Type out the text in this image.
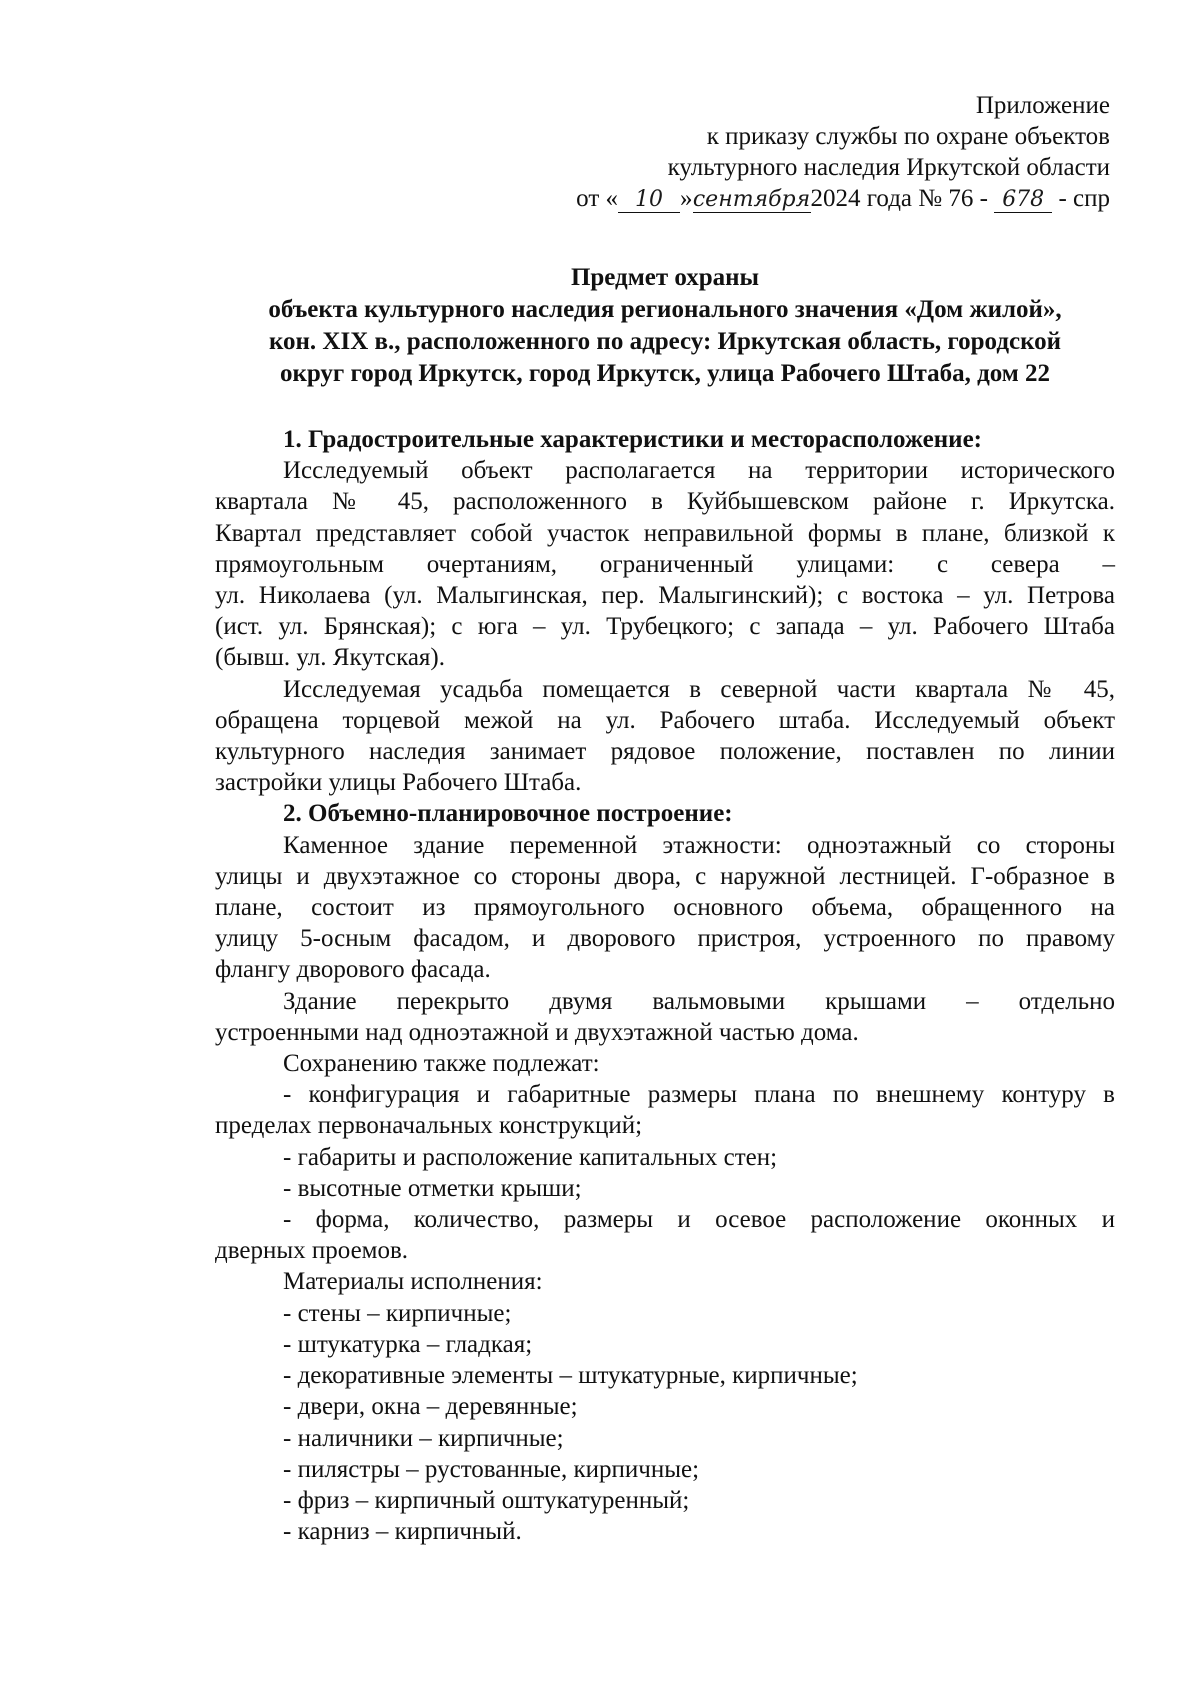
Приложение
к приказу службы по охране объектов
культурного наследия Иркутской области
от « 10 »сентября2024 года № 76 - 678 - спр
Предмет охраны
объекта культурного наследия регионального значения «Дом жилой»,
кон. XIX в., расположенного по адресу: Иркутская область, городской
округ город Иркутск, город Иркутск, улица Рабочего Штаба, дом 22

1. Градостроительные характеристики и месторасположение:

Исследуемый объект располагается на территории исторического

квартала № 45, расположенного в Куйбышевском районе г. Иркутска.

Квартал представляет собой участок неправильной формы в плане, близкой к

прямоугольным очертаниям, ограниченный улицами: с севера –

ул. Николаева (ул. Малыгинская, пер. Малыгинский); с востока – ул. Петрова

(ист. ул. Брянская); с юга – ул. Трубецкого; с запада – ул. Рабочего Штаба

(бывш. ул. Якутская).

Исследуемая усадьба помещается в северной части квартала № 45,

обращена торцевой межой на ул. Рабочего штаба. Исследуемый объект

культурного наследия занимает рядовое положение, поставлен по линии

застройки улицы Рабочего Штаба.

2. Объемно-планировочное построение:

Каменное здание переменной этажности: одноэтажный со стороны

улицы и двухэтажное со стороны двора, с наружной лестницей. Г-образное в

плане, состоит из прямоугольного основного объема, обращенного на

улицу 5-осным фасадом, и дворового пристроя, устроенного по правому

флангу дворового фасада.

Здание перекрыто двумя вальмовыми крышами – отдельно

устроенными над одноэтажной и двухэтажной частью дома.

Сохранению также подлежат:

- конфигурация и габаритные размеры плана по внешнему контуру в

пределах первоначальных конструкций;

- габариты и расположение капитальных стен;

- высотные отметки крыши;

- форма, количество, размеры и осевое расположение оконных и

дверных проемов.

Материалы исполнения:

- стены – кирпичные;

- штукатурка – гладкая;

- декоративные элементы – штукатурные, кирпичные;

- двери, окна – деревянные;

- наличники – кирпичные;

- пилястры – рустованные, кирпичные;

- фриз – кирпичный оштукатуренный;

- карниз – кирпичный.
